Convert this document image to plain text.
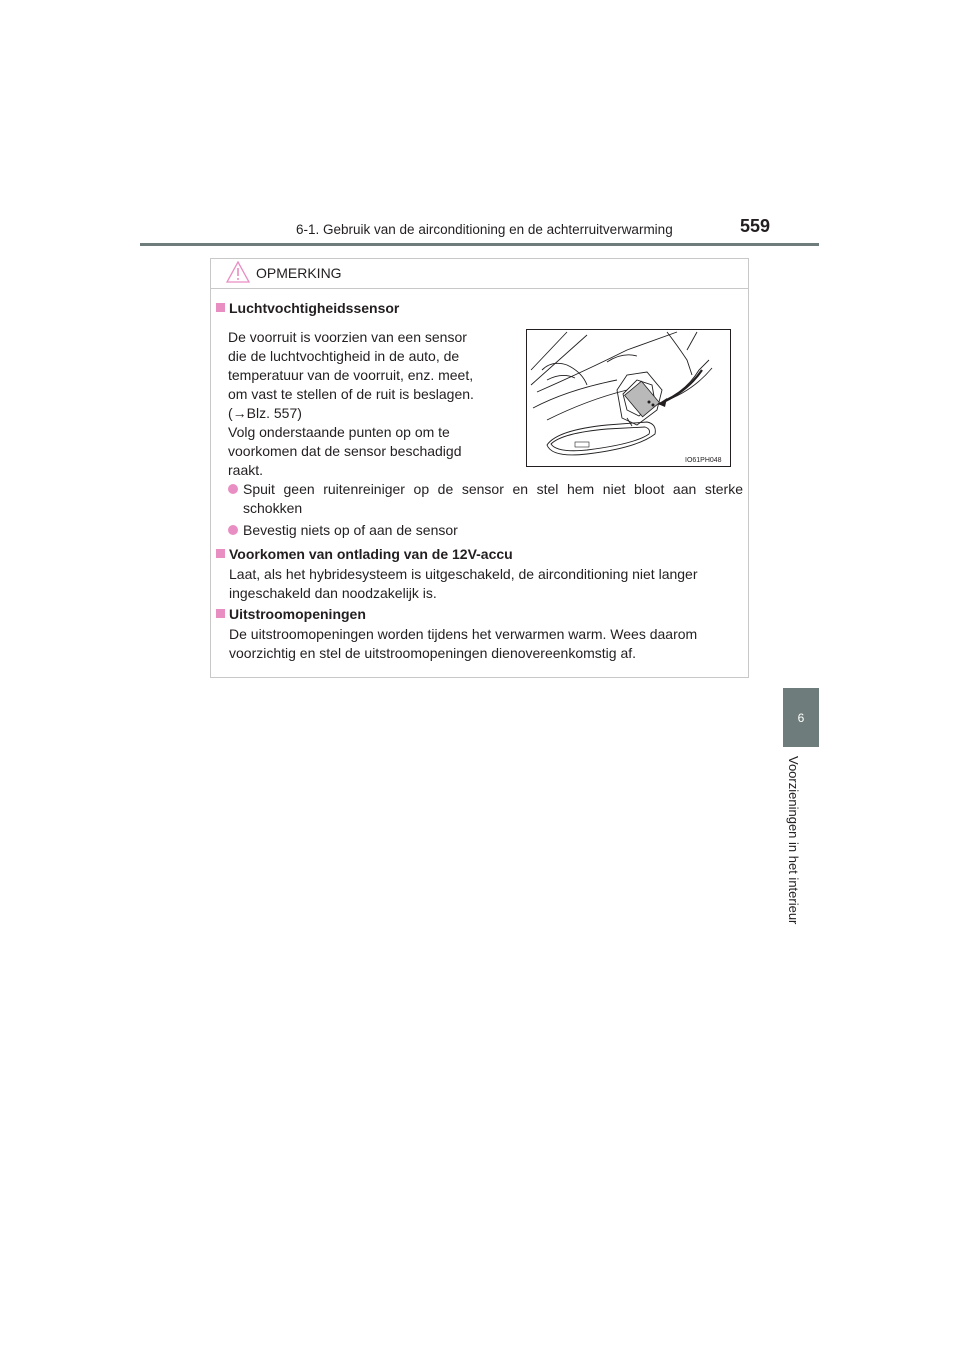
6-1. Gebruik van de airconditioning en de achterruitverwarming	559
6
Voorzieningen in het interieur
OPMERKING
Luchtvochtigheidssensor
De voorruit is voorzien van een sensor
die de luchtvochtigheid in de auto, de
temperatuur van de voorruit, enz. meet,
om vast te stellen of de ruit is beslagen.
(→Blz. 557)
Volg onderstaande punten op om te
voorkomen dat de sensor beschadigd
raakt.
IO61PH048
Spuit geen ruitenreiniger op de sensor en stel hem niet bloot aan sterke schokken
Bevestig niets op of aan de sensor
Voorkomen van ontlading van de 12V-accu
Laat, als het hybridesysteem is uitgeschakeld, de airconditioning niet langer ingeschakeld dan noodzakelijk is.
Uitstroomopeningen
De uitstroomopeningen worden tijdens het verwarmen warm. Wees daarom voorzichtig en stel de uitstroomopeningen dienovereenkomstig af.
